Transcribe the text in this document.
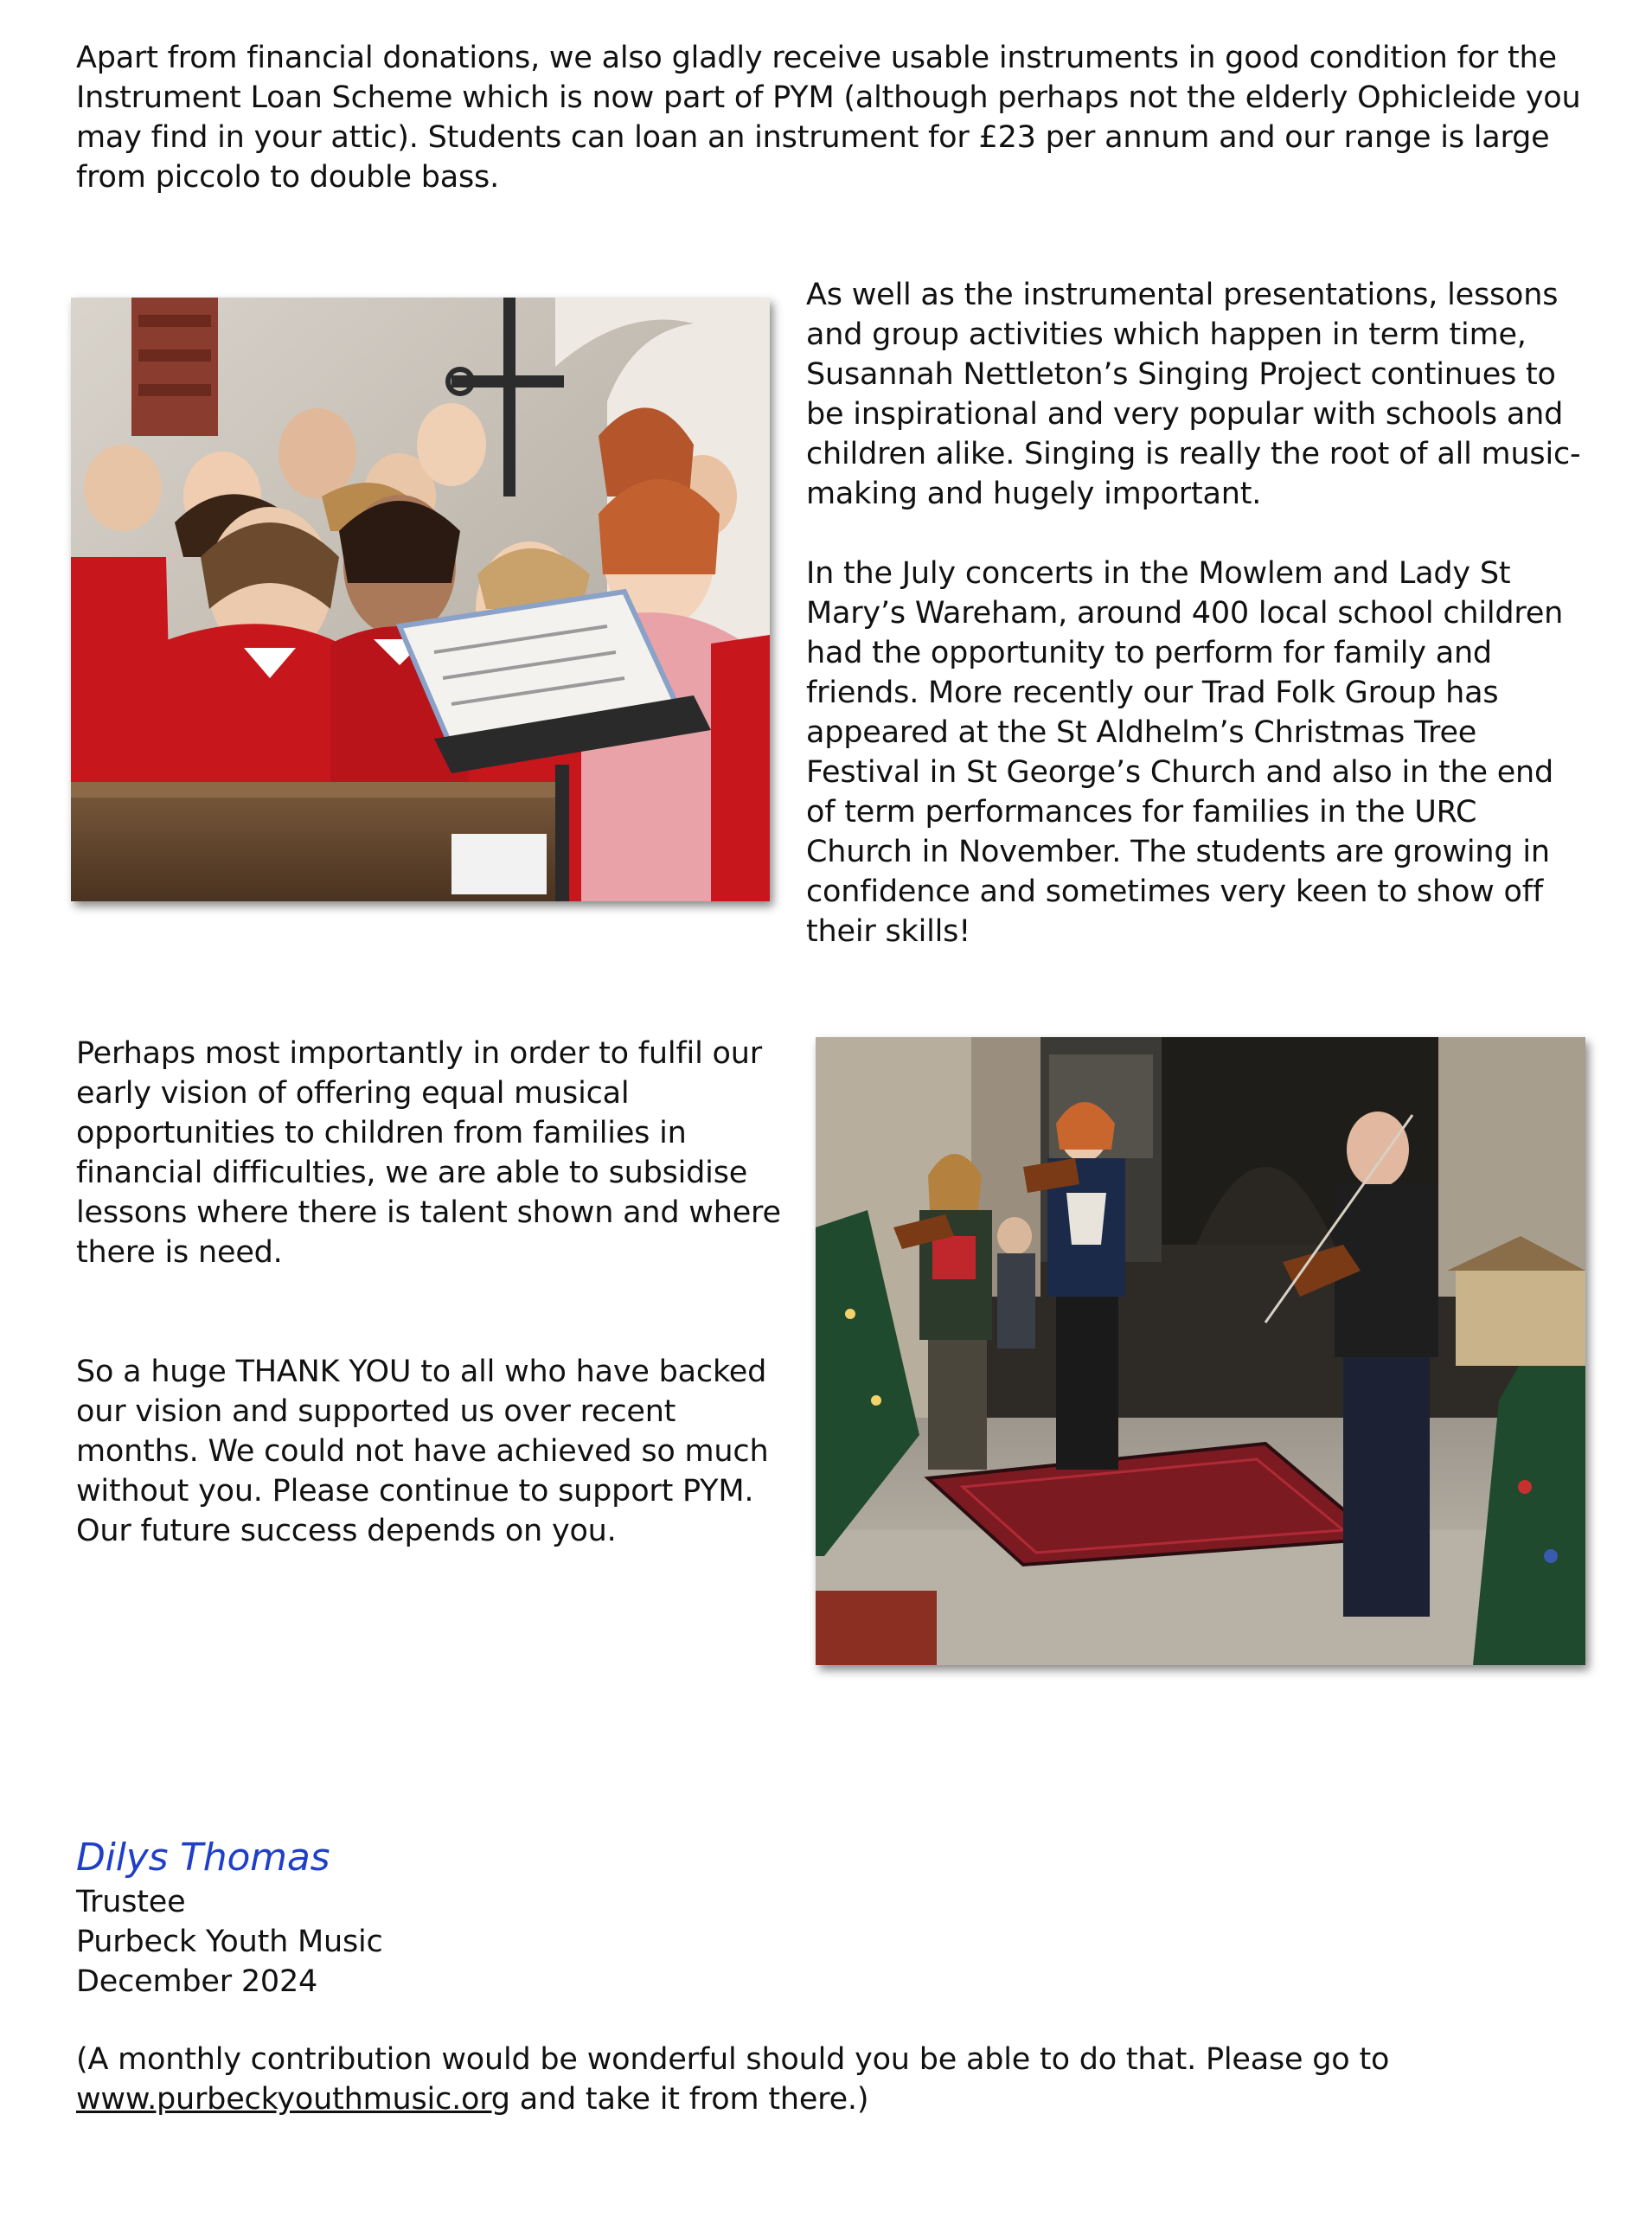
Apart from financial donations, we also gladly receive usable instruments in good condition for the Instrument Loan Scheme which is now part of PYM (although perhaps not the elderly Ophicleide you may find in your attic). Students can loan an instrument for £23 per annum and our range is large from piccolo to double bass.

As well as the instrumental presentations, lessons and group activities which happen in term time, Susannah Nettleton’s Singing Project continues to be inspirational and very popular with schools and children alike. Singing is really the root of all music-making and hugely important.

In the July concerts in the Mowlem and Lady St Mary’s Wareham, around 400 local school children had the opportunity to perform for family and friends. More recently our Trad Folk Group has appeared at the St Aldhelm’s Christmas Tree Festival in St George’s Church and also in the end of term performances for families in the URC Church in November. The students are growing in confidence and sometimes very keen to show off their skills!

Perhaps most importantly in order to fulfil our early vision of offering equal musical opportunities to children from families in financial difficulties, we are able to subsidise lessons where there is talent shown and where there is need.

So a huge THANK YOU to all who have backed our vision and supported us over recent months. We could not have achieved so much without you. Please continue to support PYM. Our future success depends on you.

Dilys Thomas
Trustee
Purbeck Youth Music
December 2024

(A monthly contribution would be wonderful should you be able to do that. Please go to www.purbeckyouthmusic.org and take it from there.)
